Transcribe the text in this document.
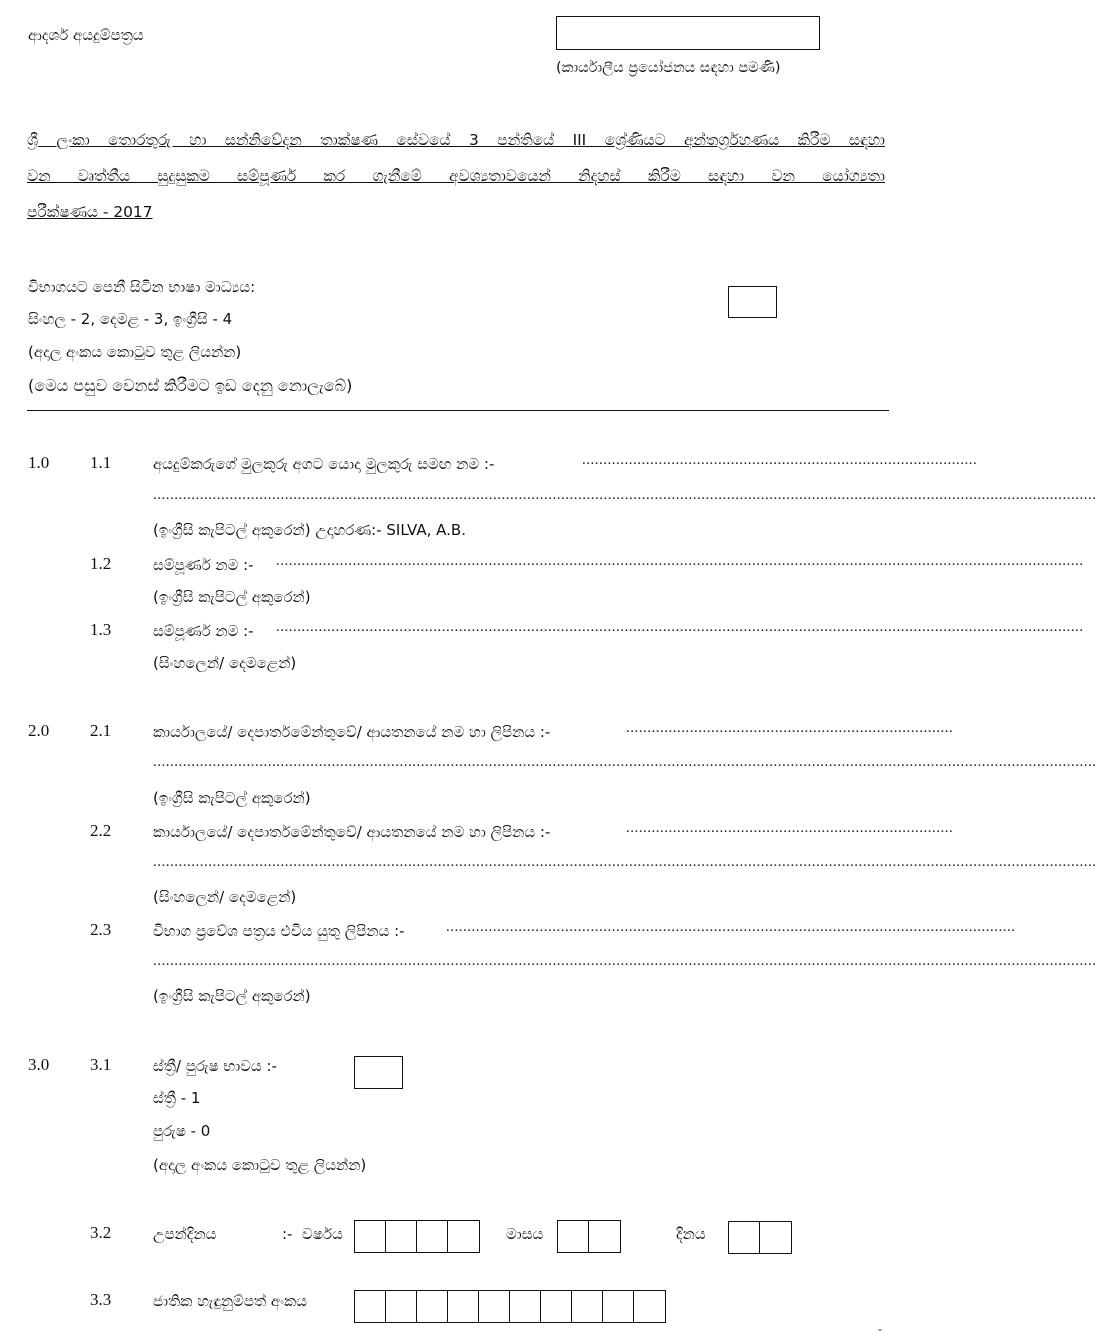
ආදර්ශ අයදුම්පත්‍රය
(කාර්යාලීය ප්‍රයෝජනය සඳහා පමණි)
ශ්‍රී ලංකා තොරතුරු හා සන්නිවේදන තාක්ෂණ සේවයේ 3 පන්තියේ III ශ්‍රේණියට අන්තර්ග්‍රහණය කිරීම සඳහා
වන වෘත්තීය සුදුසුකම සම්පූර්ණ කර ගැනීමේ අවශ්‍යතාවයෙන් නිදහස් කිරීම සඳහා වන යෝග්‍යතා
පරීක්ෂණය - 2017
විභාගයට පෙනී සිටින භාෂා මාධ්‍යය:
සිංහල - 2, දෙමළ - 3, ඉංග්‍රීසි - 4
(අදාල අංකය කොටුව තුළ ලියන්න)
(මෙය පසුව වෙනස් කිරීමට ඉඩ දෙනු නොලැබේ)
1.0 1.1	අයදුම්කරුගේ මුලකුරු අගට යොදා මුලකුරු සමඟ නම :-	.............................................................................................
..............................................................................................................................................................................................................................
(ඉංග්‍රීසි කැපිටල් අකුරෙන්) උදාහරණ:- SILVA, A.B.
1.2	සම්පූර්ණ නම :- ..............................................................................................................................................................................................
(ඉංග්‍රීසි කැපිටල් අකුරෙන්)
1.3	සම්පූර්ණ නම :- ..............................................................................................................................................................................................
(සිංහලෙන්/ දෙමළෙන්)
2.0 2.1	කාර්යාලයේ/ දෙපාර්තමේන්තුවේ/ ආයතනයේ නම හා ලිපිනය :-	.............................................................................
..............................................................................................................................................................................................................................
(ඉංග්‍රීසි කැපිටල් අකුරෙන්)
2.2	කාර්යාලයේ/ දෙපාර්තමේන්තුවේ/ ආයතනයේ නම හා ලිපිනය :-	.............................................................................
..............................................................................................................................................................................................................................
(සිංහලෙන්/ දෙමළෙන්)
2.3	විභාග ප්‍රවේශ පත්‍රය එවිය යුතු ලිපිනය :-	......................................................................................................................................
..............................................................................................................................................................................................................................
(ඉංග්‍රීසි කැපිටල් අකුරෙන්)
3.0 3.1	ස්ත්‍රී/ පුරුෂ භාවය :-
ස්ත්‍රී - 1
පුරුෂ - 0
(අදාල අංකය කොටුව තුළ ලියන්න)
3.2	උපන්දිනය	:- වර්ෂය	මාසය	දිනය
3.3	ජාතික හැඳුනුම්පත් අංකය
-
